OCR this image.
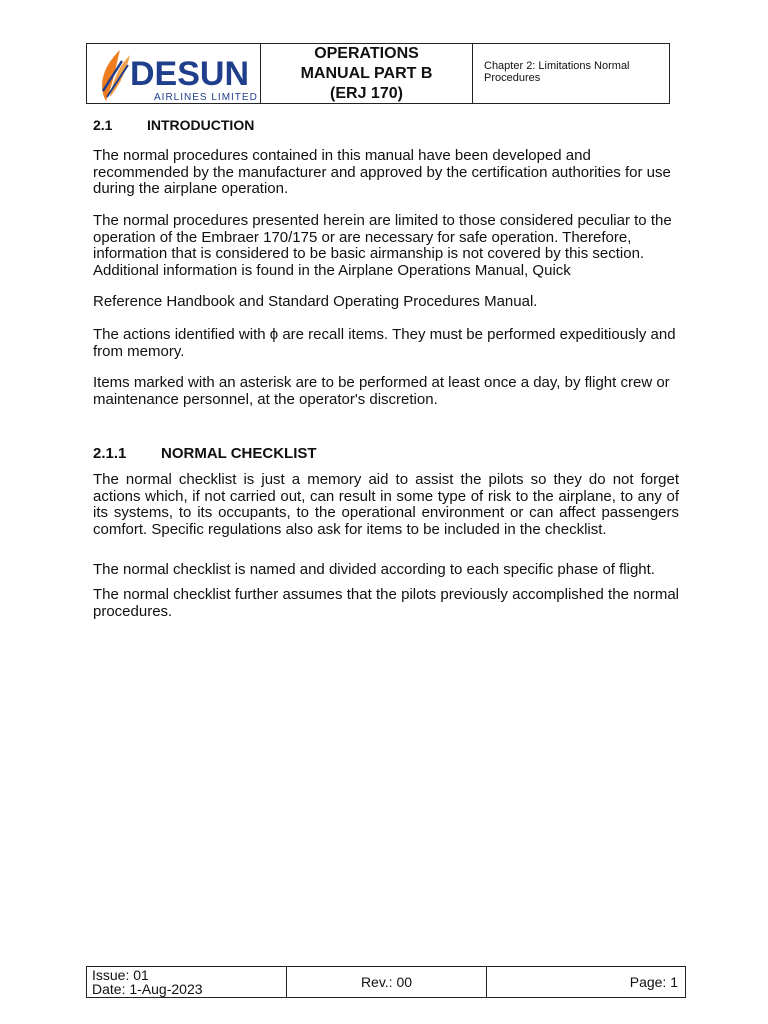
DESUN
AIRLINES LIMITED
OPERATIONS
MANUAL PART B
(ERJ 170)
Chapter 2: Limitations Normal Procedures
2.1 INTRODUCTION

The normal procedures contained in this manual have been developed and recommended by the manufacturer and approved by the certification authorities for use during the airplane operation.

The normal procedures presented herein are limited to those considered peculiar to the operation of the Embraer 170/175 or are necessary for safe operation. Therefore, information that is considered to be basic airmanship is not covered by this section. Additional information is found in the Airplane Operations Manual, Quick

Reference Handbook and Standard Operating Procedures Manual.

The actions identified with ϕ are recall items. They must be performed expeditiously and from memory.

Items marked with an asterisk are to be performed at least once a day, by flight crew or maintenance personnel, at the operator's discretion.

2.1.1 NORMAL CHECKLIST

The normal checklist is just a memory aid to assist the pilots so they do not forget actions which, if not carried out, can result in some type of risk to the airplane, to any of its systems, to its occupants, to the operational environment or can affect passengers comfort. Specific regulations also ask for items to be included in the checklist.

The normal checklist is named and divided according to each specific phase of flight.

The normal checklist further assumes that the pilots previously accomplished the normal procedures.

Issue: 01
Date: 1-Aug-2023	Rev.: 00	Page: 1
